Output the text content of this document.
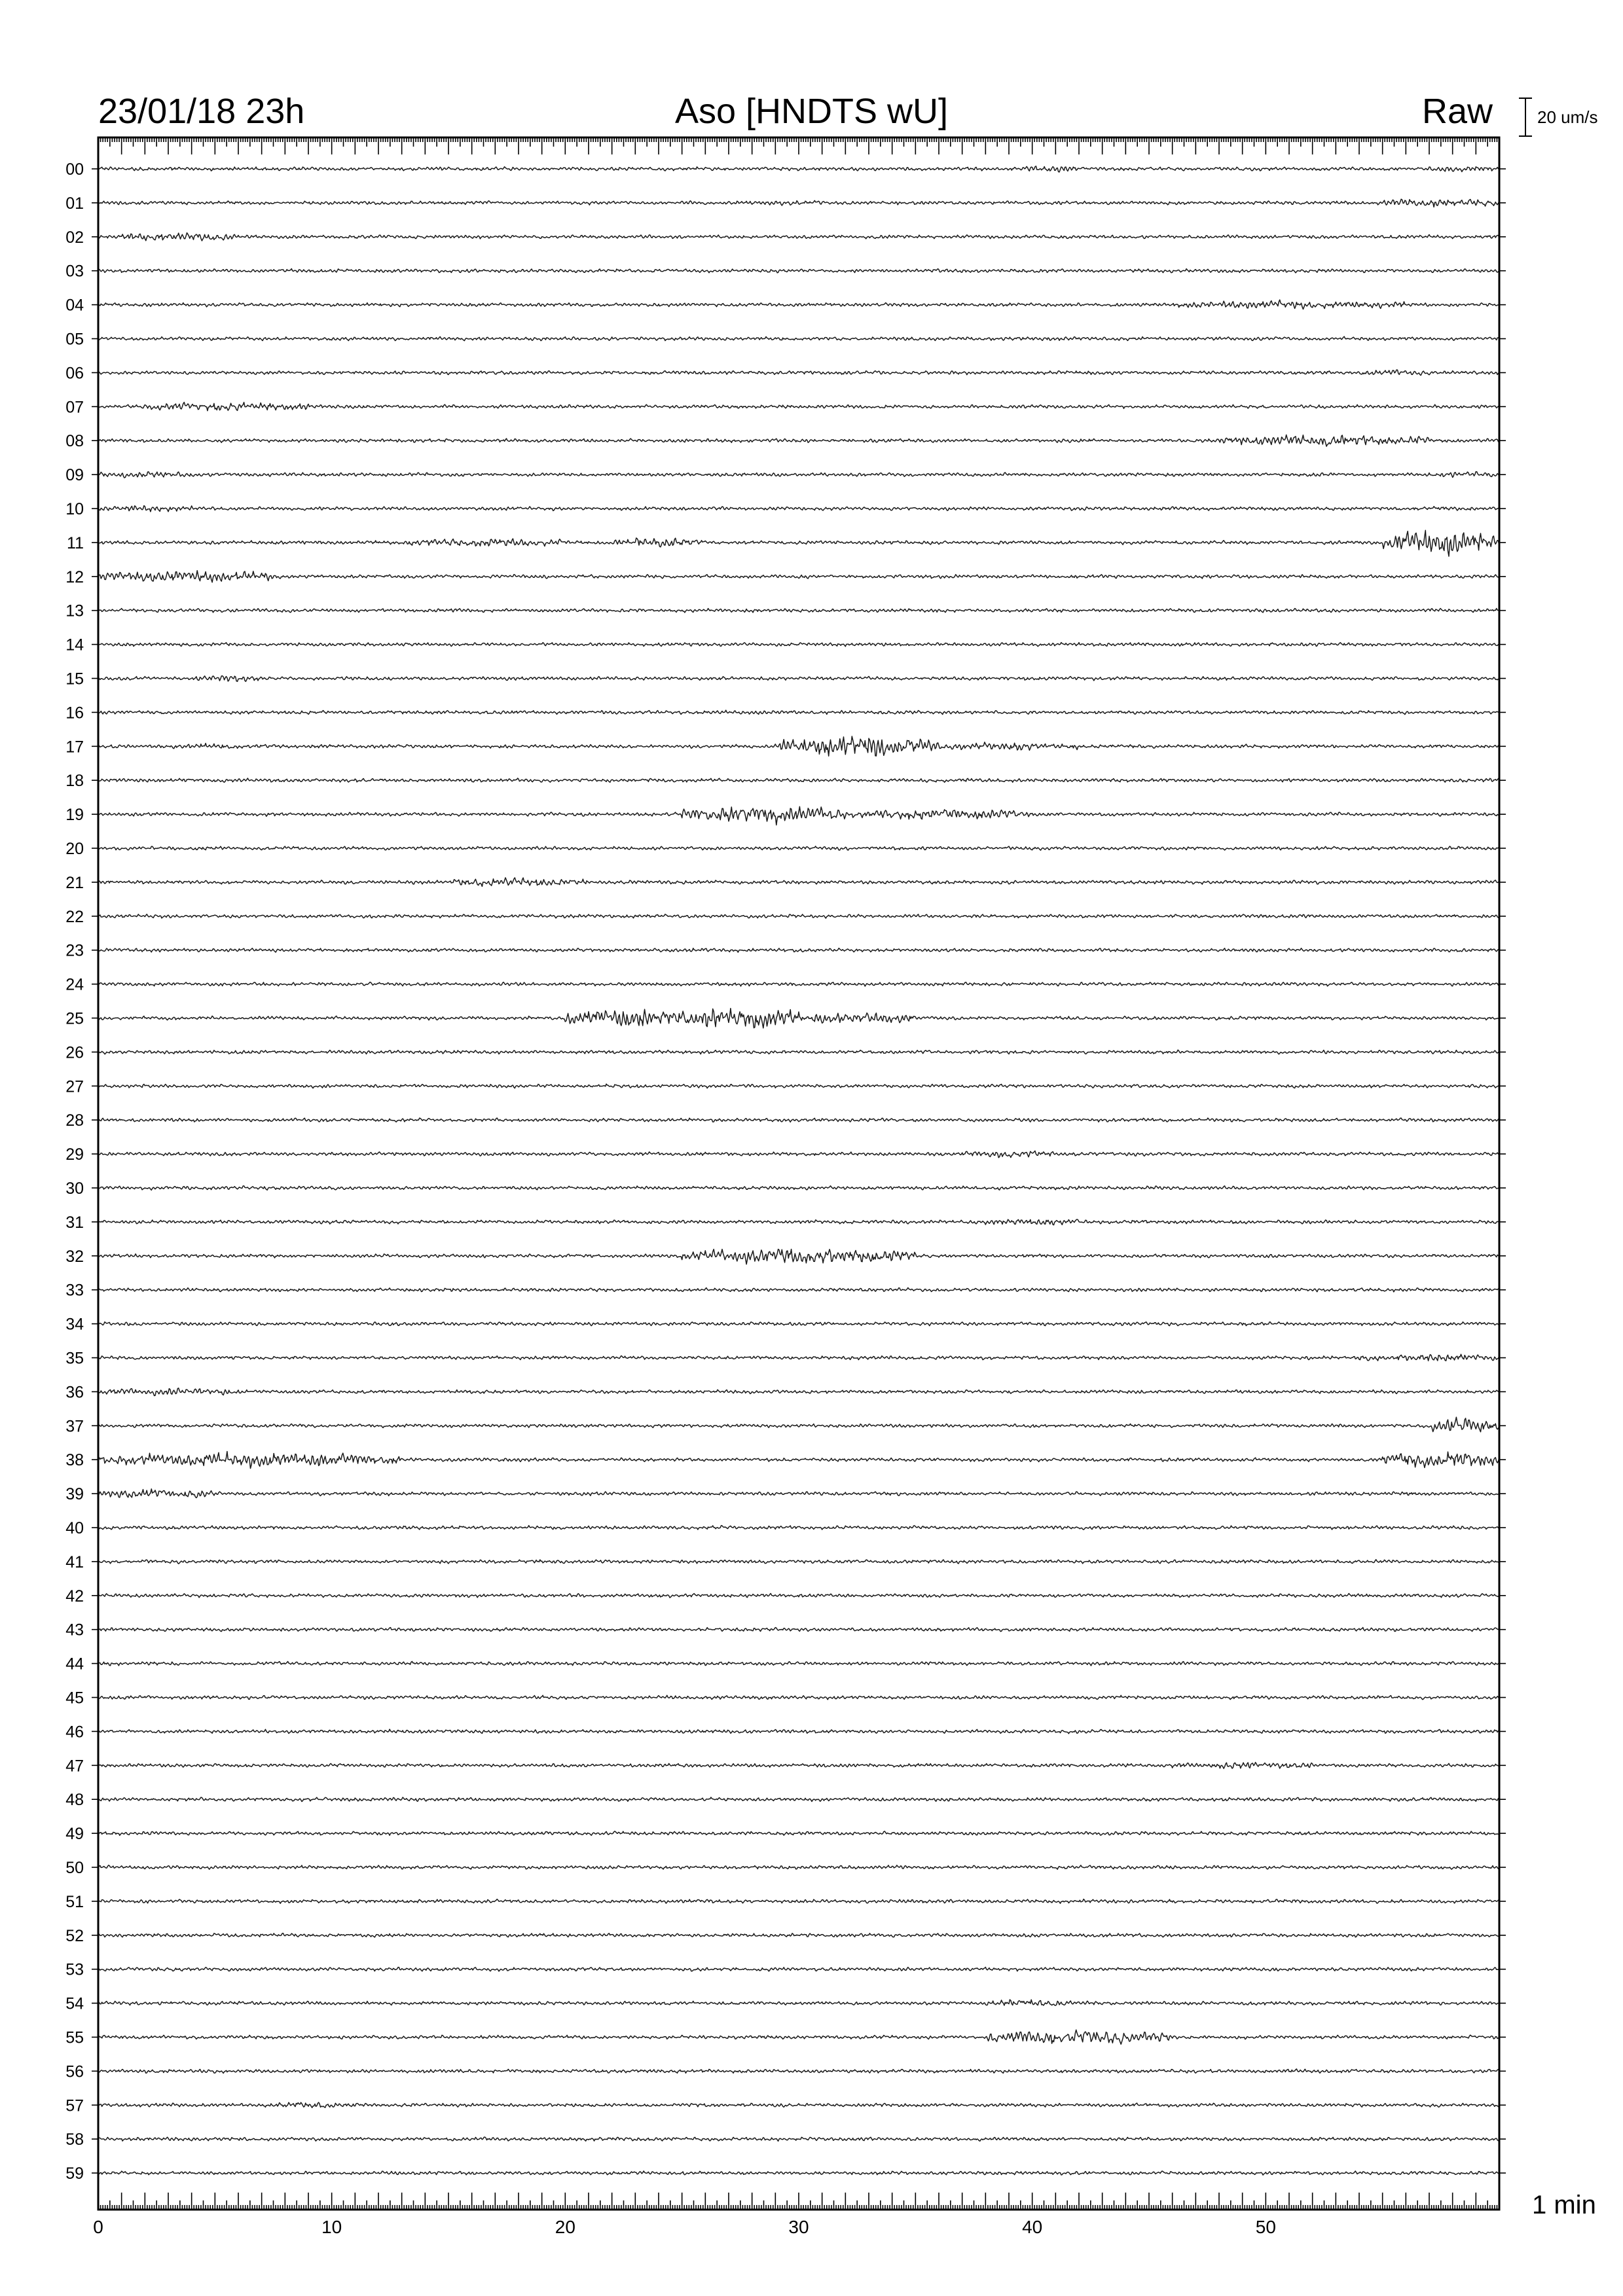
23/01/18 23h	Aso [HNDTS wU]	Raw	20 um/s
1 min
00
01
02
03
04
05
06
07
08
09
10
11
12
13
14
15
16
17
18
19
20
21
22
23
24
25
26
27
28
29
30
31
32
33
34
35
36
37
38
39
40
41
42
43
44
45
46
47
48
49
50
51
52
53
54
55
56
57
58
59
0	10	20	30	40	50
